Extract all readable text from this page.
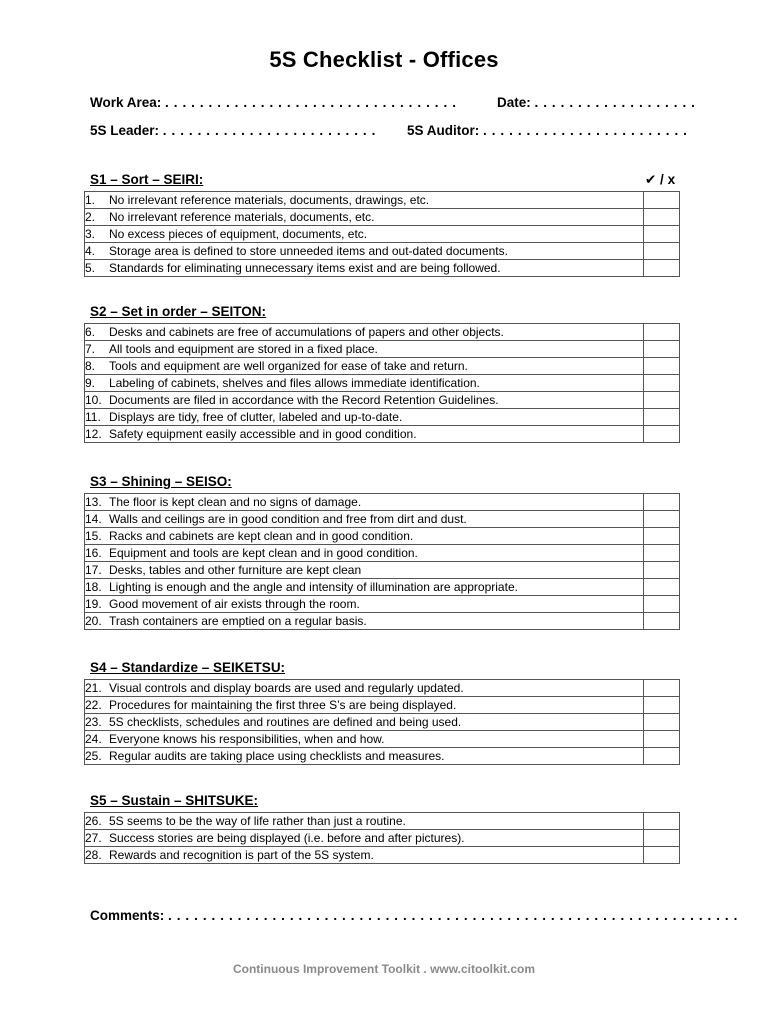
5S Checklist - Offices
Work Area: . . . . . . . . . . . . . . . . . . . . . . . . . . . . . . . . . .	Date: . . . . . . . . . . . . . . . . . . .
5S Leader: . . . . . . . . . . . . . . . . . . . . . . . . . 5S Auditor: . . . . . . . . . . . . . . . . . . . . . . . .
✔ / x
S1 – Sort – SEIRI:
1. No irrelevant reference materials, documents, drawings, etc.	
2. No irrelevant reference materials, documents, etc.	
3. No excess pieces of equipment, documents, etc.	
4. Storage area is defined to store unneeded items and out-dated documents.	
5. Standards for eliminating unnecessary items exist and are being followed.	
S2 – Set in order – SEITON:
6. Desks and cabinets are free of accumulations of papers and other objects.	
7. All tools and equipment are stored in a fixed place.	
8. Tools and equipment are well organized for ease of take and return.	
9. Labeling of cabinets, shelves and files allows immediate identification.	
10. Documents are filed in accordance with the Record Retention Guidelines.	
11. Displays are tidy, free of clutter, labeled and up-to-date.	
12. Safety equipment easily accessible and in good condition.	
S3 – Shining – SEISO:
13. The floor is kept clean and no signs of damage.	
14. Walls and ceilings are in good condition and free from dirt and dust.	
15. Racks and cabinets are kept clean and in good condition.	
16. Equipment and tools are kept clean and in good condition.	
17. Desks, tables and other furniture are kept clean	
18. Lighting is enough and the angle and intensity of illumination are appropriate.	
19. Good movement of air exists through the room.	
20. Trash containers are emptied on a regular basis.	
S4 – Standardize – SEIKETSU:
21. Visual controls and display boards are used and regularly updated.	
22. Procedures for maintaining the first three S’s are being displayed.	
23. 5S checklists, schedules and routines are defined and being used.	
24. Everyone knows his responsibilities, when and how.	
25. Regular audits are taking place using checklists and measures.	
S5 – Sustain – SHITSUKE:
26. 5S seems to be the way of life rather than just a routine.	
27. Success stories are being displayed (i.e. before and after pictures).	
28. Rewards and recognition is part of the 5S system.	
Comments: . . . . . . . . . . . . . . . . . . . . . . . . . . . . . . . . . . . . . . . . . . . . . . . . . . . . . . . . . . . . . . . . . .
Continuous Improvement Toolkit . www.citoolkit.com
